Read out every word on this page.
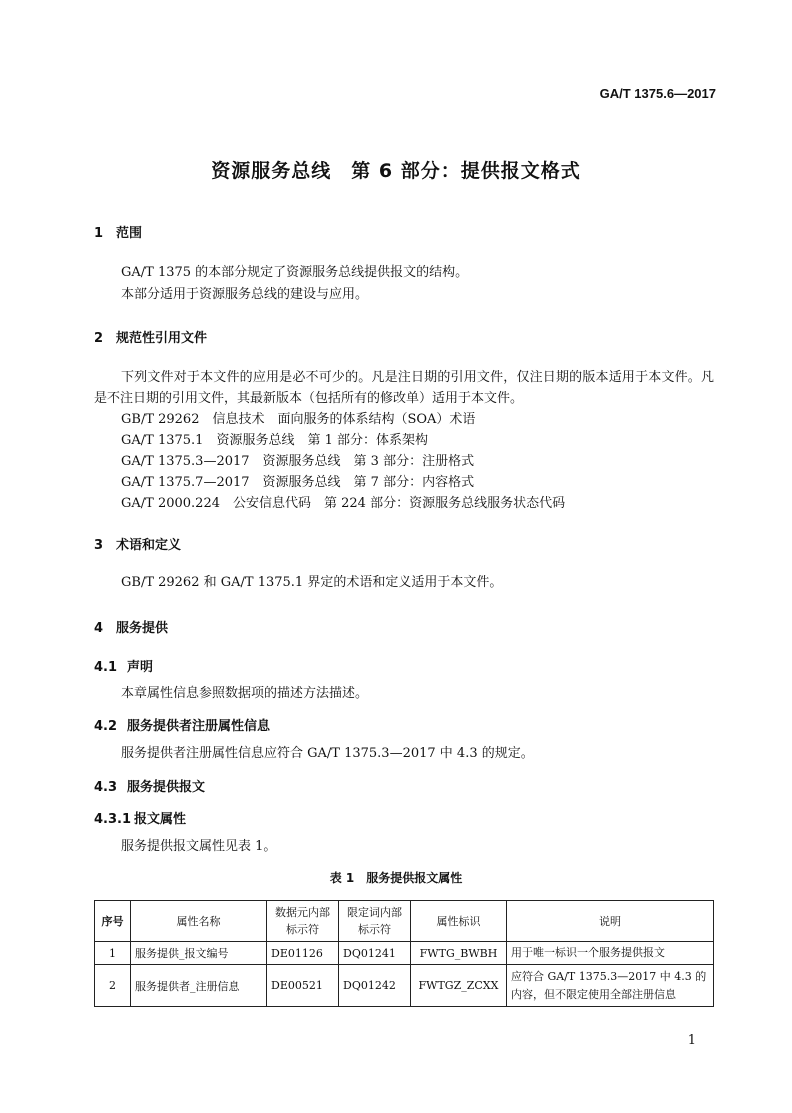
GA/T 1375.6—2017
资源服务总线　第 6 部分：提供报文格式
1 范围
GA/T 1375 的本部分规定了资源服务总线提供报文的结构。
本部分适用于资源服务总线的建设与应用。
2 规范性引用文件
下列文件对于本文件的应用是必不可少的。凡是注日期的引用文件，仅注日期的版本适用于本文件。凡是不注日期的引用文件，其最新版本（包括所有的修改单）适用于本文件。
GB/T 29262　信息技术　面向服务的体系结构（SOA）术语
GA/T 1375.1　资源服务总线　第 1 部分：体系架构
GA/T 1375.3—2017　资源服务总线　第 3 部分：注册格式
GA/T 1375.7—2017　资源服务总线　第 7 部分：内容格式
GA/T 2000.224　公安信息代码　第 224 部分：资源服务总线服务状态代码
3 术语和定义
GB/T 29262 和 GA/T 1375.1 界定的术语和定义适用于本文件。
4 服务提供
4.1 声明
本章属性信息参照数据项的描述方法描述。
4.2 服务提供者注册属性信息
服务提供者注册属性信息应符合 GA/T 1375.3—2017 中 4.3 的规定。
4.3 服务提供报文
4.3.1 报文属性
服务提供报文属性见表 1。
表 1　服务提供报文属性
序号	属性名称	数据元内部标示符	限定词内部标示符	属性标识	说明
1	服务提供_报文编号	DE01126	DQ01241	FWTG_BWBH	用于唯一标识一个服务提供报文
2	服务提供者_注册信息	DE00521	DQ01242	FWTGZ_ZCXX	应符合 GA/T 1375.3—2017 中 4.3 的内容，但不限定使用全部注册信息
1
